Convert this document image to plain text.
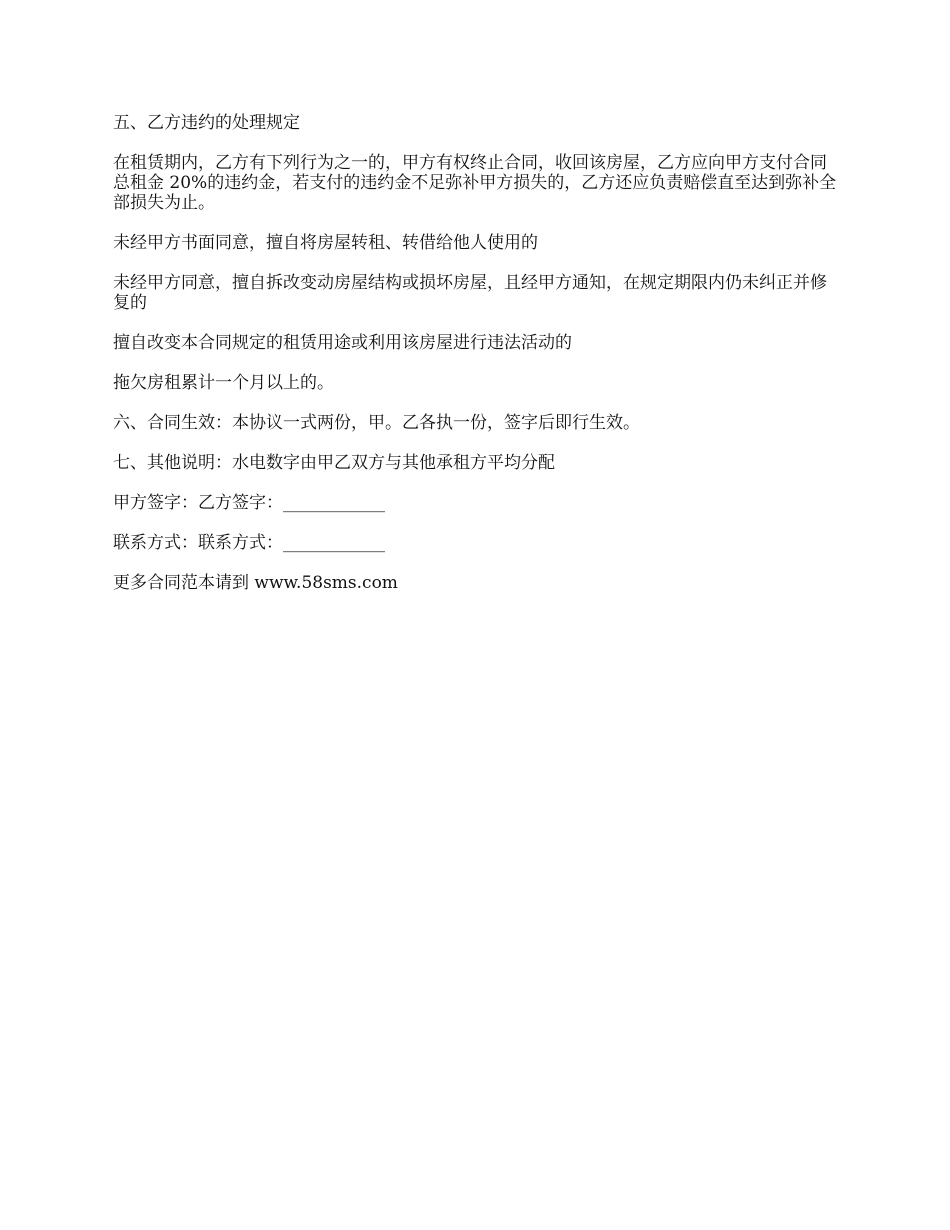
五、乙方违约的处理规定

在租赁期内，乙方有下列行为之一的，甲方有权终止合同，收回该房屋，乙方应向甲方支付合同总租金 20%的违约金，若支付的违约金不足弥补甲方损失的，乙方还应负责赔偿直至达到弥补全部损失为止。

未经甲方书面同意，擅自将房屋转租、转借给他人使用的

未经甲方同意，擅自拆改变动房屋结构或损坏房屋，且经甲方通知，在规定期限内仍未纠正并修复的

擅自改变本合同规定的租赁用途或利用该房屋进行违法活动的

拖欠房租累计一个月以上的。

六、合同生效：本协议一式两份，甲。乙各执一份，签字后即行生效。

七、其他说明：水电数字由甲乙双方与其他承租方平均分配

甲方签字：乙方签字：____________

联系方式：联系方式：____________

更多合同范本请到 www.58sms.com
